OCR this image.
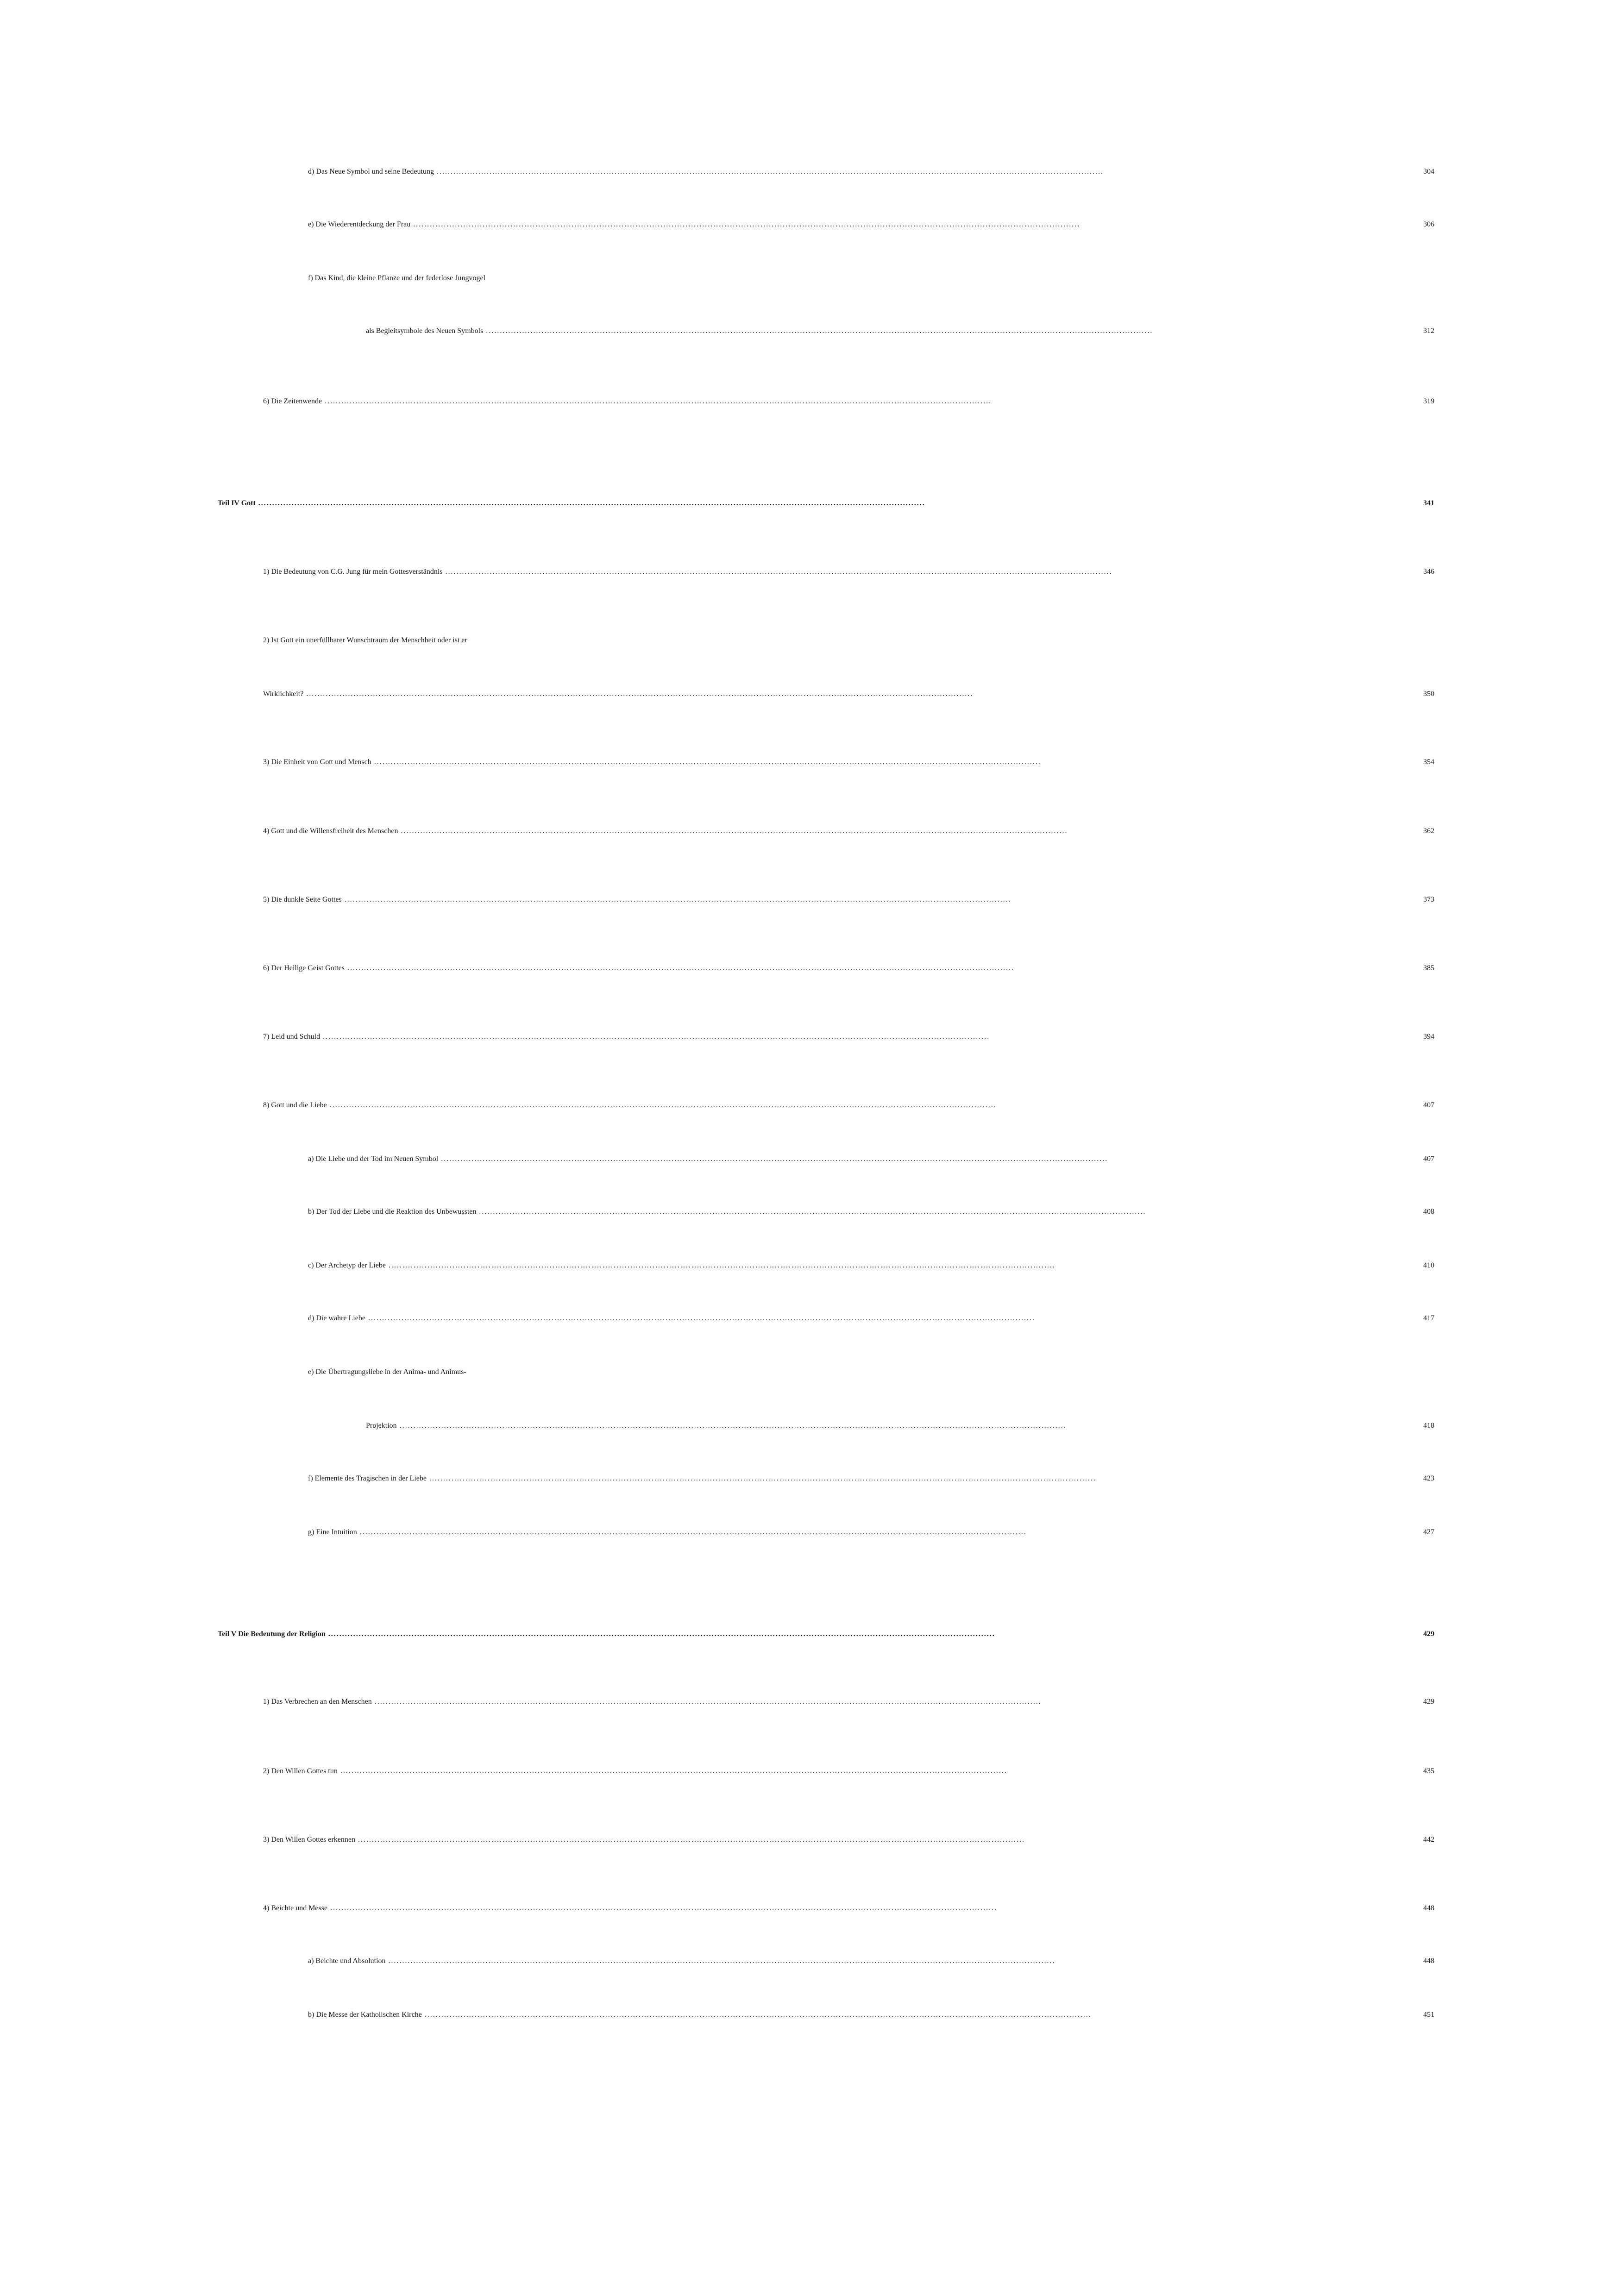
d) Das Neue Symbol und seine Bedeutung .....	304
e) Die Wiederentdeckung der Frau .....	306
f) Das Kind, die kleine Pflanze und der federlose Jungvogel
als Begleitsymbole des Neuen Symbols .....	312
6) Die Zeitenwende .....	319
Teil IV Gott .....	341
1) Die Bedeutung von C.G. Jung für mein Gottesverständnis .....	346
2) Ist Gott ein unerfüllbarer Wunschtraum der Menschheit oder ist er
Wirklichkeit? .....	350
3) Die Einheit von Gott und Mensch .....	354
4) Gott und die Willensfreiheit des Menschen .....	362
5) Die dunkle Seite Gottes .....	373
6) Der Heilige Geist Gottes .....	385
7) Leid und Schuld .....	394
8) Gott und die Liebe .....	407
a) Die Liebe und der Tod im Neuen Symbol .....	407
b) Der Tod der Liebe und die Reaktion des Unbewussten .....	408
c) Der Archetyp der Liebe .....	410
d) Die wahre Liebe .....	417
e) Die Übertragungsliebe in der Anima- und Animus-
Projektion .....	418
f) Elemente des Tragischen in der Liebe .....	423
g) Eine Intuition .....	427
Teil V Die Bedeutung der Religion .....	429
1) Das Verbrechen an den Menschen .....	429
2) Den Willen Gottes tun .....	435
3) Den Willen Gottes erkennen .....	442
4) Beichte und Messe .....	448
a) Beichte und Absolution .....	448
b) Die Messe der Katholischen Kirche .....	451
